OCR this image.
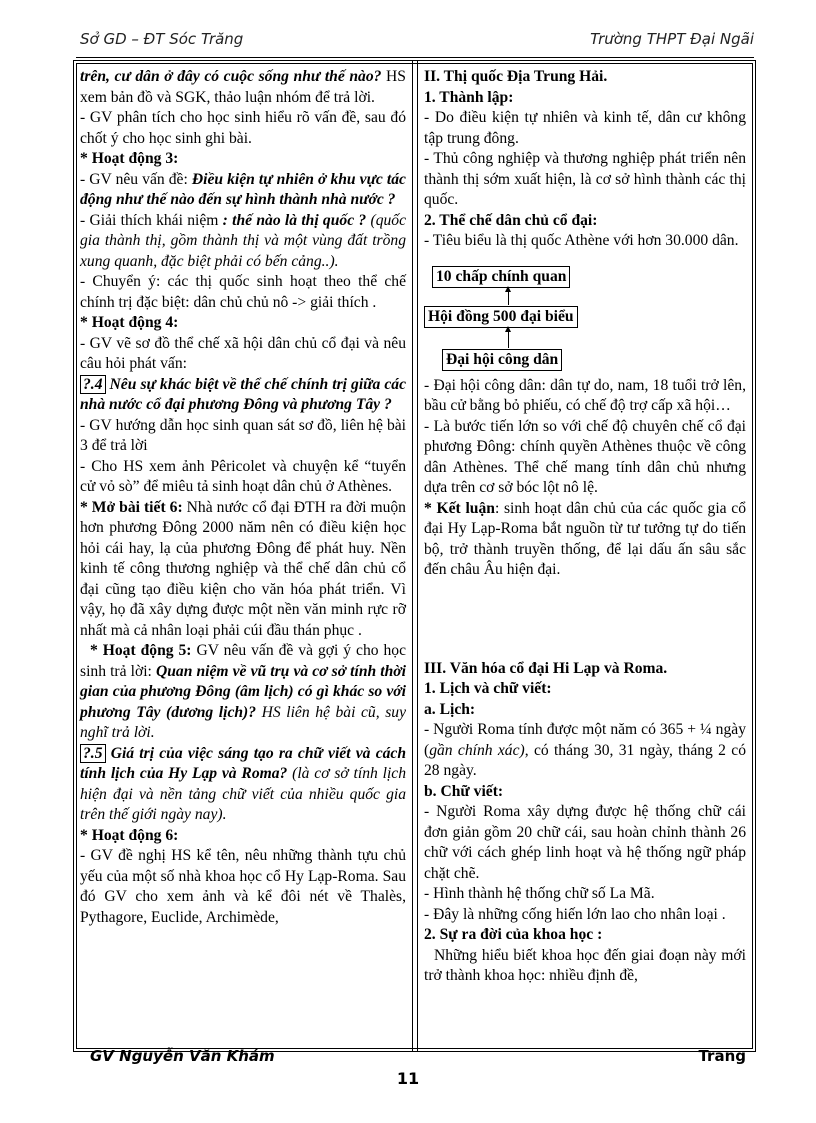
Sở GD – ĐT Sóc Trăng	Trường THPT Đại Ngãi

trên, cư dân ở đây có cuộc sống như thế nào? HS xem bản đồ và SGK, thảo luận nhóm để trả lời.

- GV phân tích cho học sinh hiểu rõ vấn đề, sau đó chốt ý cho học sinh ghi bài.

* Hoạt động 3:

- GV nêu vấn đề: Điều kiện tự nhiên ở khu vực tác động như thế nào đến sự hình thành nhà nước ?

- Giải thích khái niệm : thế nào là thị quốc ? (quốc gia thành thị, gồm thành thị và một vùng đất trồng xung quanh, đặc biệt phải có bến cảng..).

- Chuyển ý: các thị quốc sinh hoạt theo thể chế chính trị đặc biệt: dân chủ chủ nô -> giải thích .

* Hoạt động 4:

- GV vẽ sơ đồ thể chế xã hội dân chủ cổ đại và nêu câu hỏi phát vấn:

?.4 Nêu sự khác biệt về thể chế chính trị giữa các nhà nước cổ đại phương Đông và phương Tây ?

- GV hướng dẫn học sinh quan sát sơ đồ, liên hệ bài 3 để trả lời

- Cho HS xem ảnh Pêricolet và chuyện kể “tuyển cử vỏ sò” để miêu tả sinh hoạt dân chủ ở Athènes.

* Mở bài tiết 6: Nhà nước cổ đại ĐTH ra đời muộn hơn phương Đông 2000 năm nên có điều kiện học hỏi cái hay, lạ của phương Đông để phát huy. Nền kinh tế công thương nghiệp và thể chế dân chủ cổ đại cũng tạo điều kiện cho văn hóa phát triển. Vì vậy, họ đã xây dựng được một nền văn minh rực rỡ nhất mà cả nhân loại phải cúi đầu thán phục .

* Hoạt động 5: GV nêu vấn đề và gợi ý cho học sinh trả lời: Quan niệm về vũ trụ và cơ sở tính thời gian của phương Đông (âm lịch) có gì khác so với phương Tây (dương lịch)? HS liên hệ bài cũ, suy nghĩ trả lời.

?.5 Giá trị của việc sáng tạo ra chữ viết và cách tính lịch của Hy Lạp và Roma? (là cơ sở tính lịch hiện đại và nền tảng chữ viết của nhiều quốc gia trên thế giới ngày nay).

* Hoạt động 6:

- GV đề nghị HS kể tên, nêu những thành tựu chủ yếu của một số nhà khoa học cổ Hy Lạp-Roma. Sau đó GV cho xem ảnh và kể đôi nét về Thalès, Pythagore, Euclide, Archimède,

II. Thị quốc Địa Trung Hải.

1. Thành lập:

- Do điều kiện tự nhiên và kinh tế, dân cư không tập trung đông.

- Thủ công nghiệp và thương nghiệp phát triển nên thành thị sớm xuất hiện, là cơ sở hình thành các thị quốc.

2. Thể chế dân chủ cổ đại:

- Tiêu biểu là thị quốc Athène với hơn 30.000 dân.

10 chấp chính quan
Hội đồng 500 đại biểu
Đại hội công dân

- Đại hội công dân: dân tự do, nam, 18 tuổi trở lên, bầu cử bằng bỏ phiếu, có chế độ trợ cấp xã hội…

- Là bước tiến lớn so với chế độ chuyên chế cổ đại phương Đông: chính quyền Athènes thuộc về công dân Athènes. Thể chế mang tính dân chủ nhưng dựa trên cơ sở bóc lột nô lệ.

* Kết luận: sinh hoạt dân chủ của các quốc gia cổ đại Hy Lạp-Roma bắt nguồn từ tư tưởng tự do tiến bộ, trở thành truyền thống, để lại dấu ấn sâu sắc đến châu Âu hiện đại.

III. Văn hóa cổ đại Hi Lạp và Roma.

1. Lịch và chữ viết:

a. Lịch:

- Người Roma tính được một năm có 365 + ¼ ngày (gần chính xác), có tháng 30, 31 ngày, tháng 2 có 28 ngày.

b. Chữ viết:

- Người Roma xây dựng được hệ thống chữ cái đơn giản gồm 20 chữ cái, sau hoàn chỉnh thành 26 chữ với cách ghép linh hoạt và hệ thống ngữ pháp chặt chẽ.

- Hình thành hệ thống chữ số La Mã.

- Đây là những cống hiến lớn lao cho nhân loại .

2. Sự ra đời của khoa học :

Những hiểu biết khoa học đến giai đoạn này mới trở thành khoa học: nhiều định đề,

GV Nguyễn Văn Khám	Trang
11
